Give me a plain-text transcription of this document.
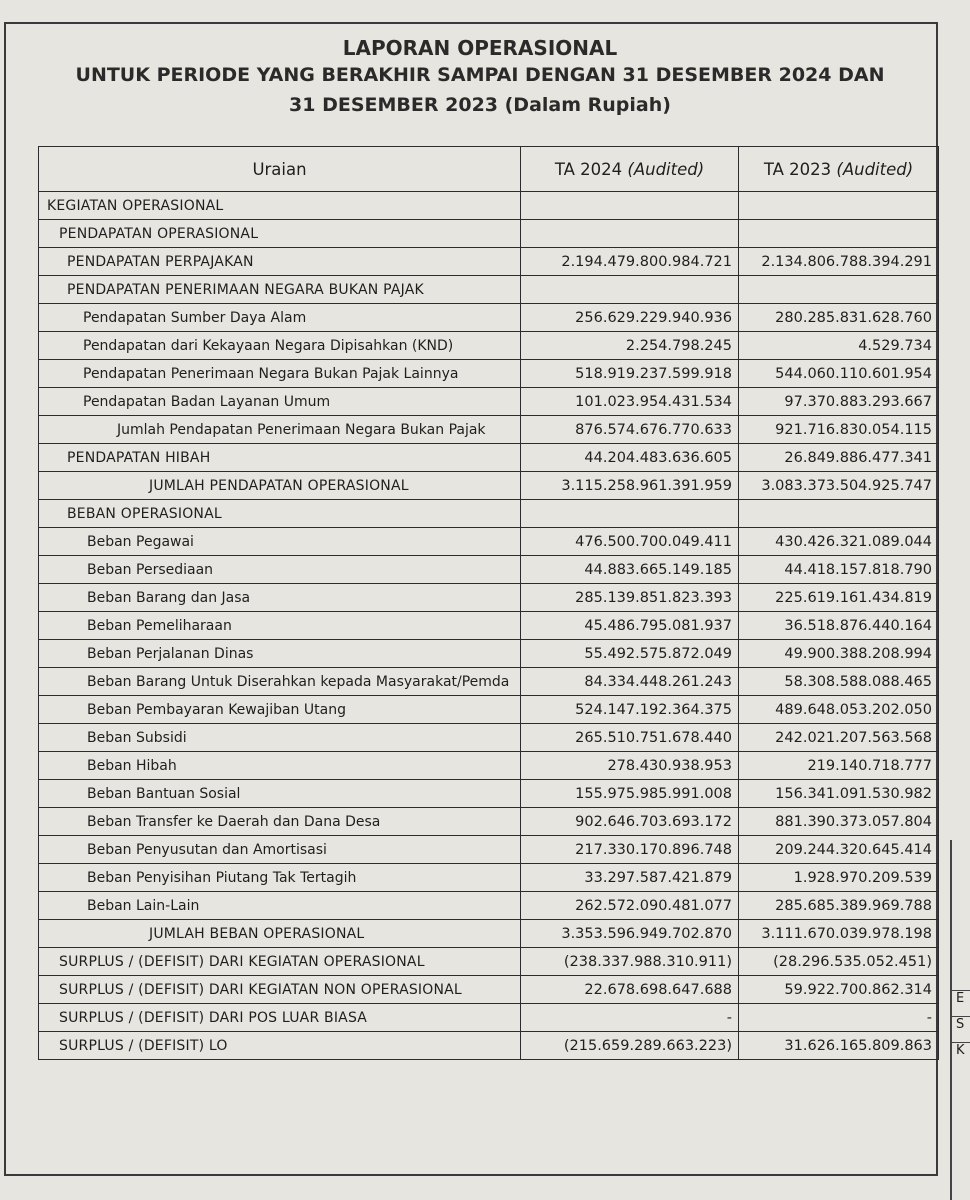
LAPORAN OPERASIONAL
UNTUK PERIODE YANG BERAKHIR SAMPAI DENGAN 31 DESEMBER 2024 DAN
31 DESEMBER 2023 (Dalam Rupiah)
Uraian	TA 2024 (Audited)	TA 2023 (Audited)
KEGIATAN OPERASIONAL		
PENDAPATAN OPERASIONAL		
PENDAPATAN PERPAJAKAN	2.194.479.800.984.721	2.134.806.788.394.291
PENDAPATAN PENERIMAAN NEGARA BUKAN PAJAK		
Pendapatan Sumber Daya Alam	256.629.229.940.936	280.285.831.628.760
Pendapatan dari Kekayaan Negara Dipisahkan (KND)	2.254.798.245	4.529.734
Pendapatan Penerimaan Negara Bukan Pajak Lainnya	518.919.237.599.918	544.060.110.601.954
Pendapatan Badan Layanan Umum	101.023.954.431.534	97.370.883.293.667
Jumlah Pendapatan Penerimaan Negara Bukan Pajak	876.574.676.770.633	921.716.830.054.115
PENDAPATAN HIBAH	44.204.483.636.605	26.849.886.477.341
JUMLAH PENDAPATAN OPERASIONAL	3.115.258.961.391.959	3.083.373.504.925.747
BEBAN OPERASIONAL		
Beban Pegawai	476.500.700.049.411	430.426.321.089.044
Beban Persediaan	44.883.665.149.185	44.418.157.818.790
Beban Barang dan Jasa	285.139.851.823.393	225.619.161.434.819
Beban Pemeliharaan	45.486.795.081.937	36.518.876.440.164
Beban Perjalanan Dinas	55.492.575.872.049	49.900.388.208.994
Beban Barang Untuk Diserahkan kepada Masyarakat/Pemda	84.334.448.261.243	58.308.588.088.465
Beban Pembayaran Kewajiban Utang	524.147.192.364.375	489.648.053.202.050
Beban Subsidi	265.510.751.678.440	242.021.207.563.568
Beban Hibah	278.430.938.953	219.140.718.777
Beban Bantuan Sosial	155.975.985.991.008	156.341.091.530.982
Beban Transfer ke Daerah dan Dana Desa	902.646.703.693.172	881.390.373.057.804
Beban Penyusutan dan Amortisasi	217.330.170.896.748	209.244.320.645.414
Beban Penyisihan Piutang Tak Tertagih	33.297.587.421.879	1.928.970.209.539
Beban Lain-Lain	262.572.090.481.077	285.685.389.969.788
JUMLAH BEBAN OPERASIONAL	3.353.596.949.702.870	3.111.670.039.978.198
SURPLUS / (DEFISIT) DARI KEGIATAN OPERASIONAL	(238.337.988.310.911)	(28.296.535.052.451)
SURPLUS / (DEFISIT) DARI KEGIATAN NON OPERASIONAL	22.678.698.647.688	59.922.700.862.314
SURPLUS / (DEFISIT) DARI POS LUAR BIASA	-	-
SURPLUS / (DEFISIT) LO	(215.659.289.663.223)	31.626.165.809.863
E
S
K
